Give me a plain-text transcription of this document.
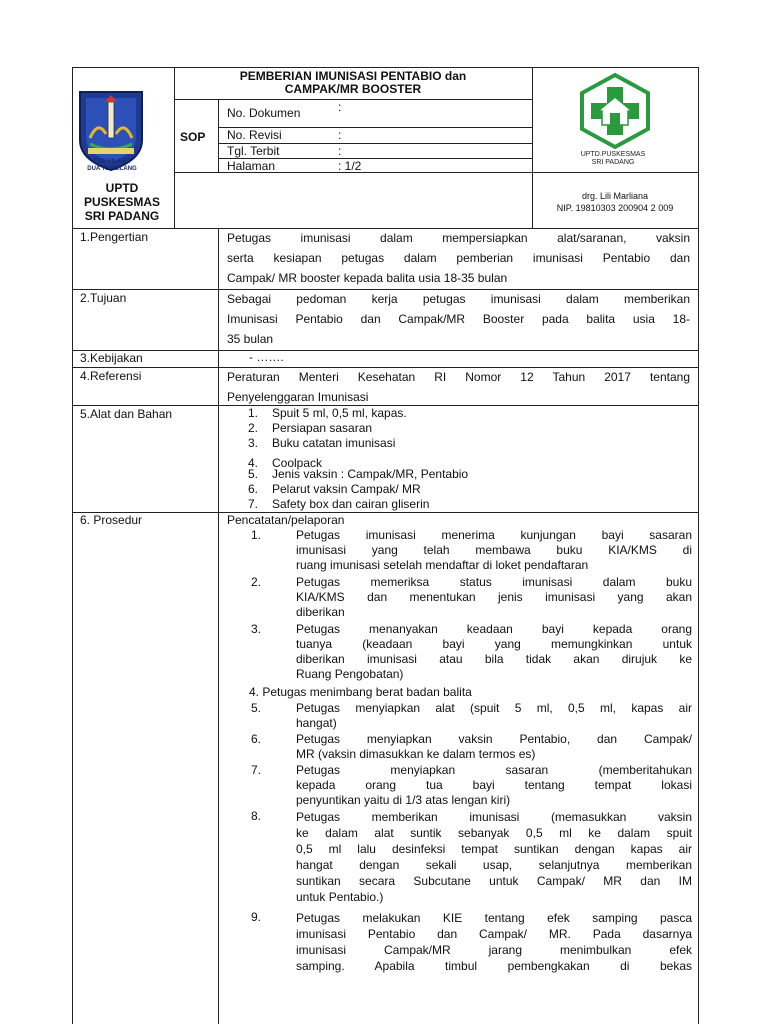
ESA HILANG
DUA TERBILANG
UPTD
PUSKESMAS
SRI PADANG
PEMBERIAN IMUNISASI PENTABIO dan
CAMPAK/MR BOOSTER
SOP
No. Dokumen	:
No. Revisi	:
Tgl. Terbit	:
Halaman	: 1/2
UPTD.PUSKESMAS
SRI PADANG
drg. Lili Marliana
NIP. 19810303 200904 2 009
1.Pengertian	Petugas imunisasi dalam mempersiapkan alat/saranan, vaksin
serta kesiapan petugas dalam pemberian imunisasi Pentabio dan
Campak/ MR booster kepada balita usia 18-35 bulan
2.Tujuan	Sebagai pedoman kerja petugas imunisasi dalam memberikan
Imunisasi Pentabio dan Campak/MR Booster pada balita usia 18-
35 bulan
3.Kebijakan	- …….
4.Referensi	Peraturan Menteri Kesehatan RI Nomor 12 Tahun 2017 tentang
Penyelenggaran Imunisasi
5.Alat dan Bahan	1. Spuit 5 ml, 0,5 ml, kapas.
2. Persiapan sasaran
3. Buku catatan imunisasi
4. Coolpack
5. Jenis vaksin : Campak/MR, Pentabio
6. Pelarut vaksin Campak/ MR
7. Safety box dan cairan gliserin
6. Prosedur	Pencatatan/pelaporan
1.	Petugas imunisasi menerima kunjungan bayi sasaran
imunisasi yang telah membawa buku KIA/KMS di
ruang imunisasi setelah mendaftar di loket pendaftaran
2.	Petugas memeriksa status imunisasi dalam buku
KIA/KMS dan menentukan jenis imunisasi yang akan
diberikan
3.	Petugas menanyakan keadaan bayi kepada orang
tuanya (keadaan bayi yang memungkinkan untuk
diberikan imunisasi atau bila tidak akan dirujuk ke
Ruang Pengobatan)
4. Petugas menimbang berat badan balita
5.	Petugas menyiapkan alat (spuit 5 ml, 0,5 ml, kapas air
hangat)
6.	Petugas menyiapkan vaksin Pentabio, dan Campak/
MR (vaksin dimasukkan ke dalam termos es)
7.	Petugas menyiapkan sasaran (memberitahukan
kepada orang tua bayi tentang tempat lokasi
penyuntikan yaitu di 1/3 atas lengan kiri)
8.	Petugas memberikan imunisasi (memasukkan vaksin
ke dalam alat suntik sebanyak 0,5 ml ke dalam spuit
0,5 ml lalu desinfeksi tempat suntikan dengan kapas air
hangat dengan sekali usap, selanjutnya memberikan
suntikan secara Subcutane untuk Campak/ MR dan IM
untuk Pentabio.)
9.	Petugas melakukan KIE tentang efek samping pasca
imunisasi Pentabio dan Campak/ MR. Pada dasarnya
imunisasi Campak/MR jarang menimbulkan efek
samping. Apabila timbul pembengkakan di bekas
